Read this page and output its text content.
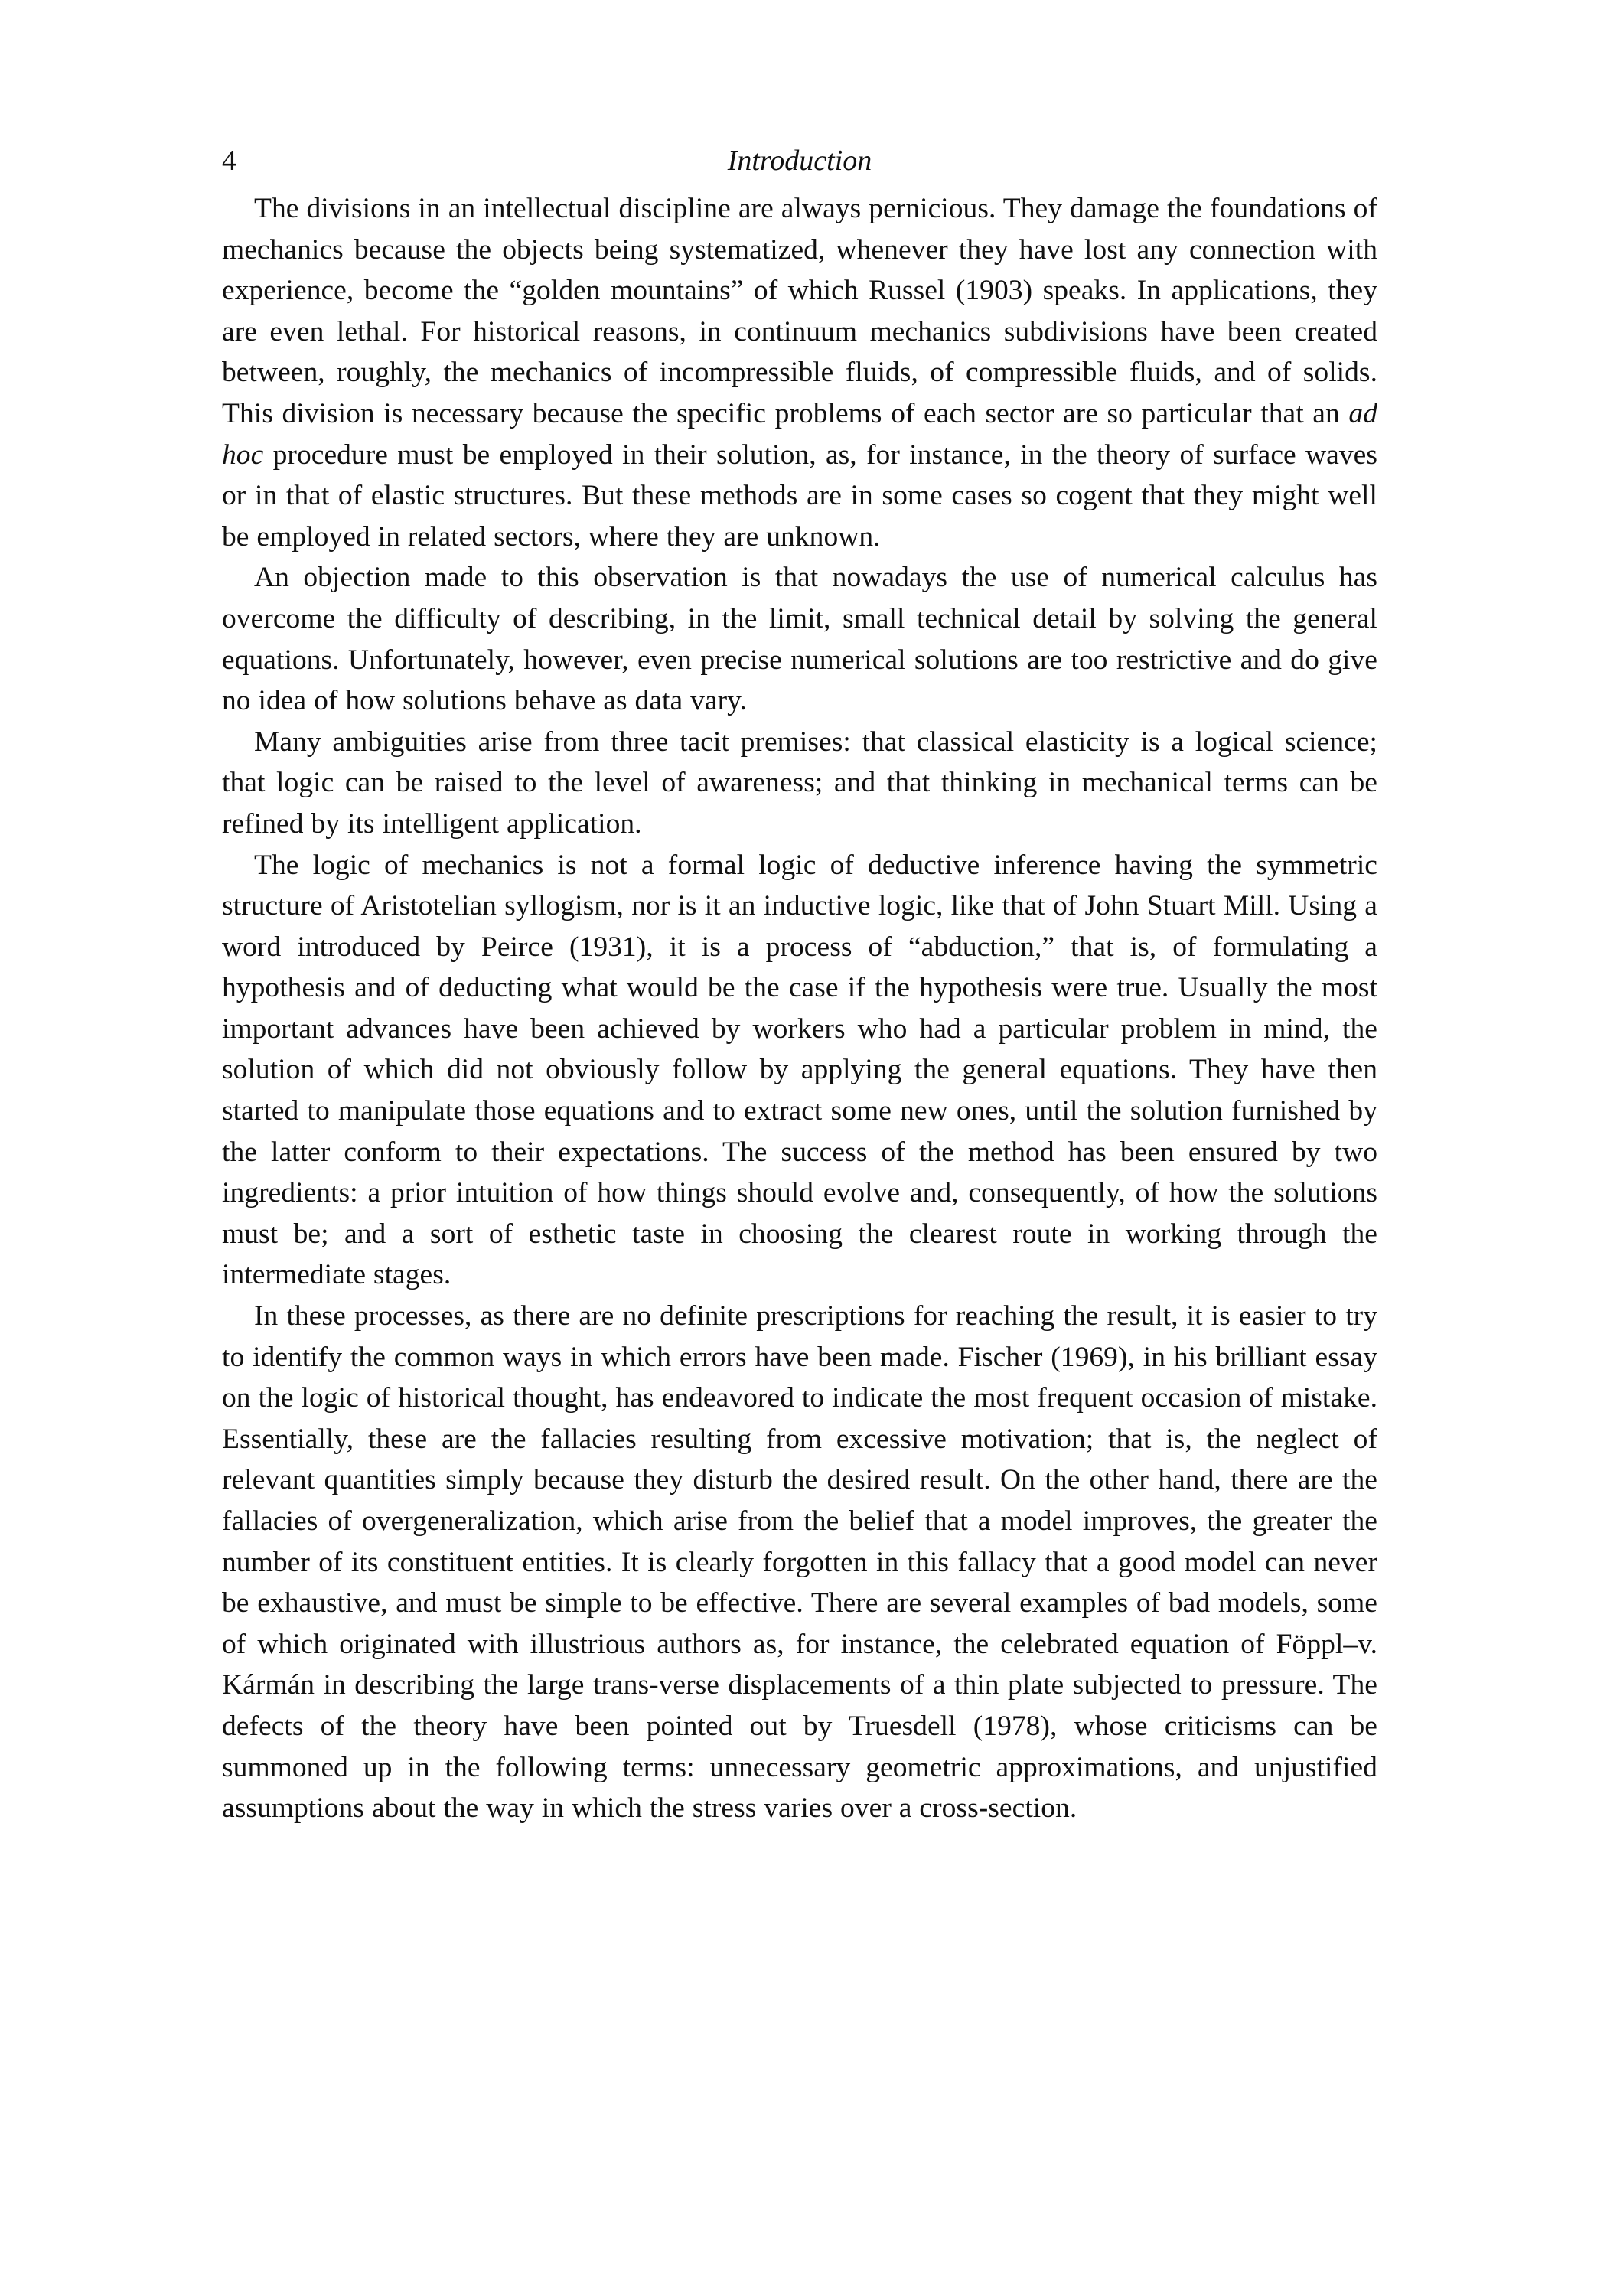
4	Introduction

The divisions in an intellectual discipline are always pernicious. They damage the foundations of mechanics because the objects being systematized, whenever they have lost any connection with experience, become the “golden mountains” of which Russel (1903) speaks. In applications, they are even lethal. For historical reasons, in continuum mechanics subdivisions have been created between, roughly, the mechanics of incompressible fluids, of compressible fluids, and of solids. This division is necessary because the specific problems of each sector are so particular that an ad hoc procedure must be employed in their solution, as, for instance, in the theory of surface waves or in that of elastic structures. But these methods are in some cases so cogent that they might well be employed in related sectors, where they are unknown.

An objection made to this observation is that nowadays the use of numerical calculus has overcome the difficulty of describing, in the limit, small technical detail by solving the general equations. Unfortunately, however, even precise numerical solutions are too restrictive and do give no idea of how solutions behave as data vary.

Many ambiguities arise from three tacit premises: that classical elasticity is a logical science; that logic can be raised to the level of awareness; and that thinking in mechanical terms can be refined by its intelligent application.

The logic of mechanics is not a formal logic of deductive inference having the symmetric structure of Aristotelian syllogism, nor is it an inductive logic, like that of John Stuart Mill. Using a word introduced by Peirce (1931), it is a process of “abduction,” that is, of formulating a hypothesis and of deducting what would be the case if the hypothesis were true. Usually the most important advances have been achieved by workers who had a particular problem in mind, the solution of which did not obviously follow by applying the general equations. They have then started to manipulate those equations and to extract some new ones, until the solution furnished by the latter conform to their expectations. The success of the method has been ensured by two ingredients: a prior intuition of how things should evolve and, consequently, of how the solutions must be; and a sort of esthetic taste in choosing the clearest route in working through the intermediate stages.

In these processes, as there are no definite prescriptions for reaching the result, it is easier to try to identify the common ways in which errors have been made. Fischer (1969), in his brilliant essay on the logic of historical thought, has endeavored to indicate the most frequent occasion of mistake. Essentially, these are the fallacies resulting from excessive motivation; that is, the neglect of relevant quantities simply because they disturb the desired result. On the other hand, there are the fallacies of overgeneralization, which arise from the belief that a model improves, the greater the number of its constituent entities. It is clearly forgotten in this fallacy that a good model can never be exhaustive, and must be simple to be effective. There are several examples of bad models, some of which originated with illustrious authors as, for instance, the celebrated equation of Föppl–v. Kármán in describing the large trans-verse displacements of a thin plate subjected to pressure. The defects of the theory have been pointed out by Truesdell (1978), whose criticisms can be summoned up in the following terms: unnecessary geometric approximations, and unjustified assumptions about the way in which the stress varies over a cross-section.
